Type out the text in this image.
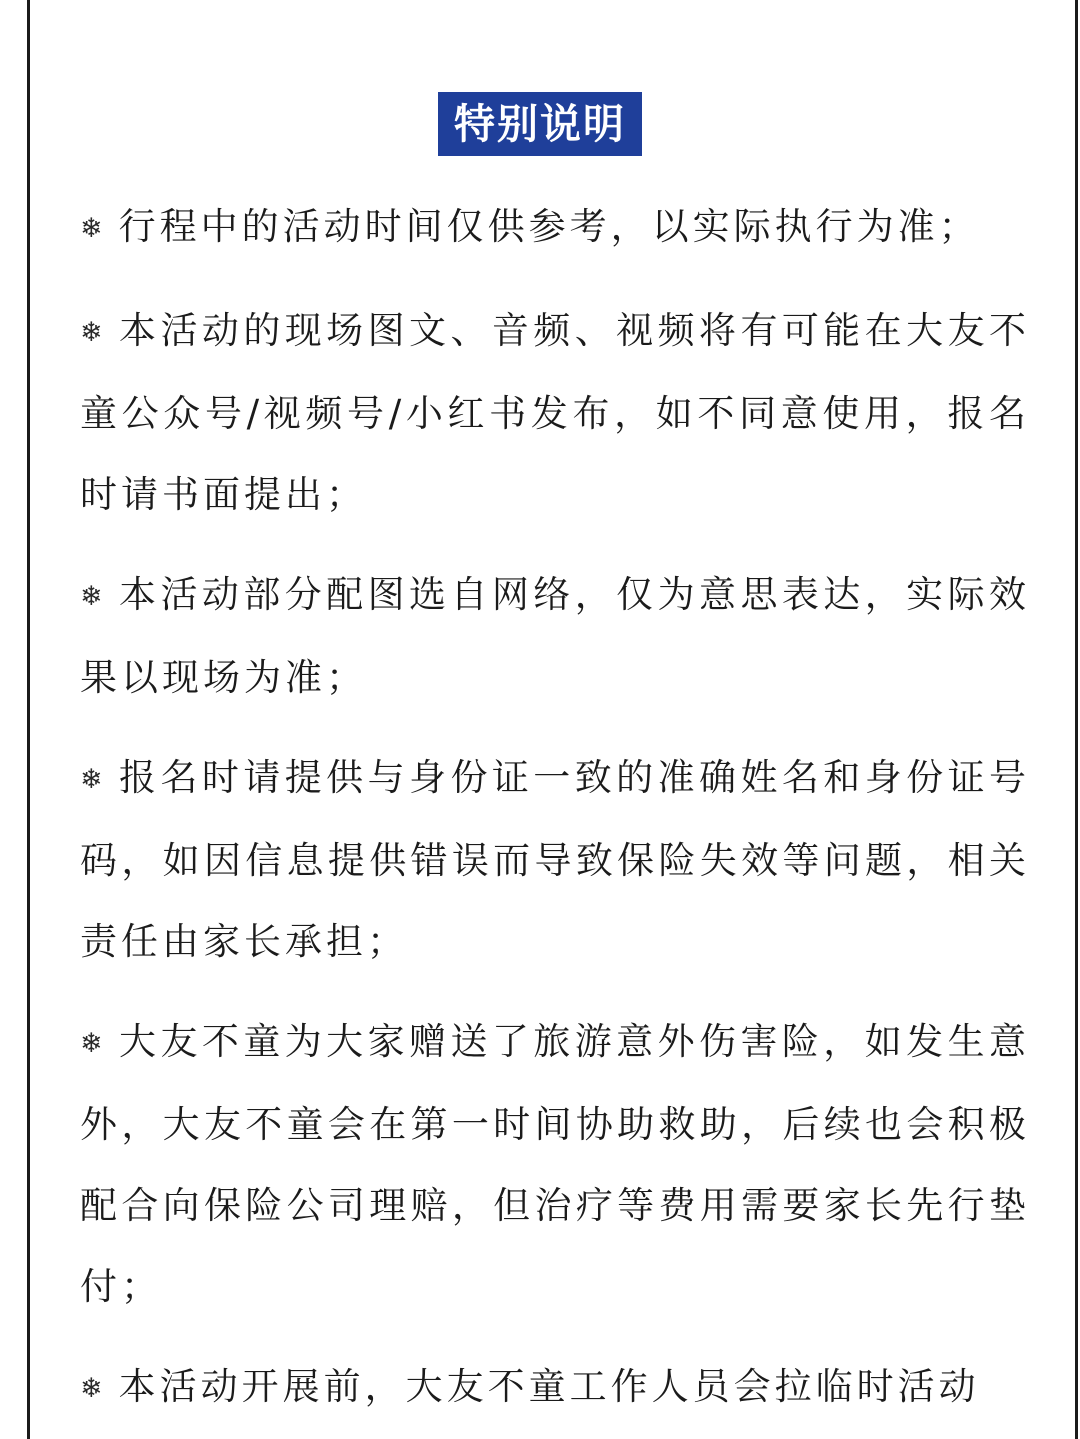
特别说明

❄ 行程中的活动时间仅供参考，以实际执行为准；

❄ 本活动的现场图文、音频、视频将有可能在大友不童公众号/视频号/小红书发布，如不同意使用，报名时请书面提出；

❄ 本活动部分配图选自网络，仅为意思表达，实际效果以现场为准；

❄ 报名时请提供与身份证一致的准确姓名和身份证号码，如因信息提供错误而导致保险失效等问题，相关责任由家长承担；

❄ 大友不童为大家赠送了旅游意外伤害险，如发生意外，大友不童会在第一时间协助救助，后续也会积极配合向保险公司理赔，但治疗等费用需要家长先行垫付；

❄ 本活动开展前，大友不童工作人员会拉临时活动
